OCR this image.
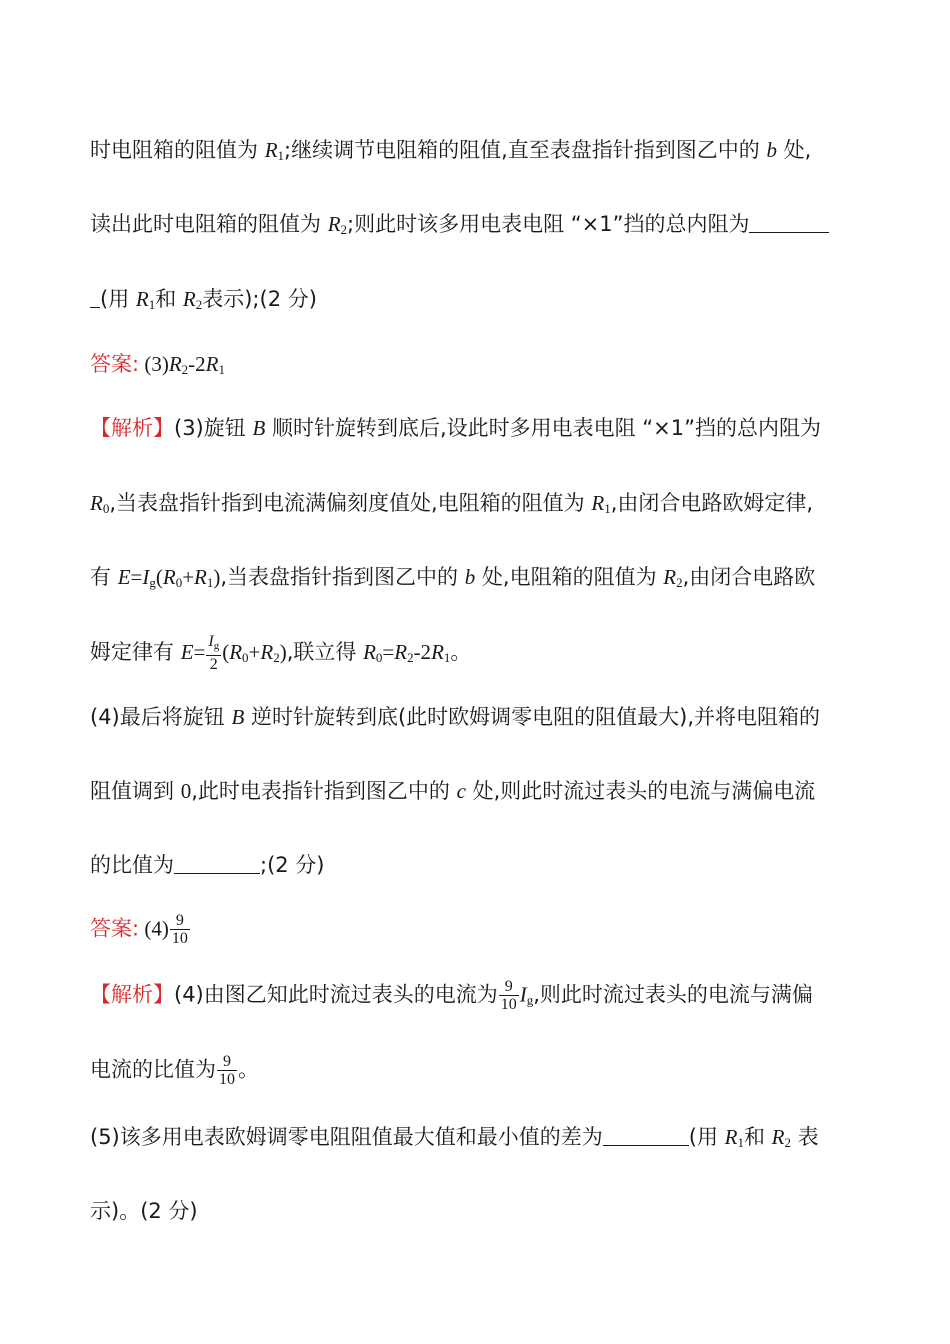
时电阻箱的阻值为 $R_1$;继续调节电阻箱的阻值,直至表盘指针指到图乙中的 b 处,
读出此时电阻箱的阻值为 $R_2$;则此时该多用电表电阻 “×1”挡的总内阻为
(用 $R_1$和 $R_2$表示);(2 分)
答案: $(3)R_2-2R_1$
【解析】(3)旋钮 B 顺时针旋转到底后,设此时多用电表电阻 “×1”挡的总内阻为
$R_0$,当表盘指针指到电流满偏刻度值处,电阻箱的阻值为 $R_1$,由闭合电路欧姆定律,
有 $E=I_g(R_0+R_1)$,当表盘指针指到图乙中的 b 处,电阻箱的阻值为 $R_2$,由闭合电路欧
姆定律有 $E= \frac{I_g}{2} (R_0+R_2)$,联立得 $R_0=R_2-2R_1$。
(4)最后将旋钮 B 逆时针旋转到底(此时欧姆调零电阻的阻值最大),并将电阻箱的
阻值调到 0,此时电表指针指到图乙中的 c 处,则此时流过表头的电流与满偏电流
的比值为	;(2 分)
答案: $(4) \frac{9}{10}$
【解析】(4)由图乙知此时流过表头的电流为 $\frac{9}{10} I_g$,则此时流过表头的电流与满偏
电流的比值为 $\frac{9}{10}$ 。
(5)该多用电表欧姆调零电阻阻值最大值和最小值的差为	(用 $R_1$和 $R_2$ 表
示)。(2 分)
